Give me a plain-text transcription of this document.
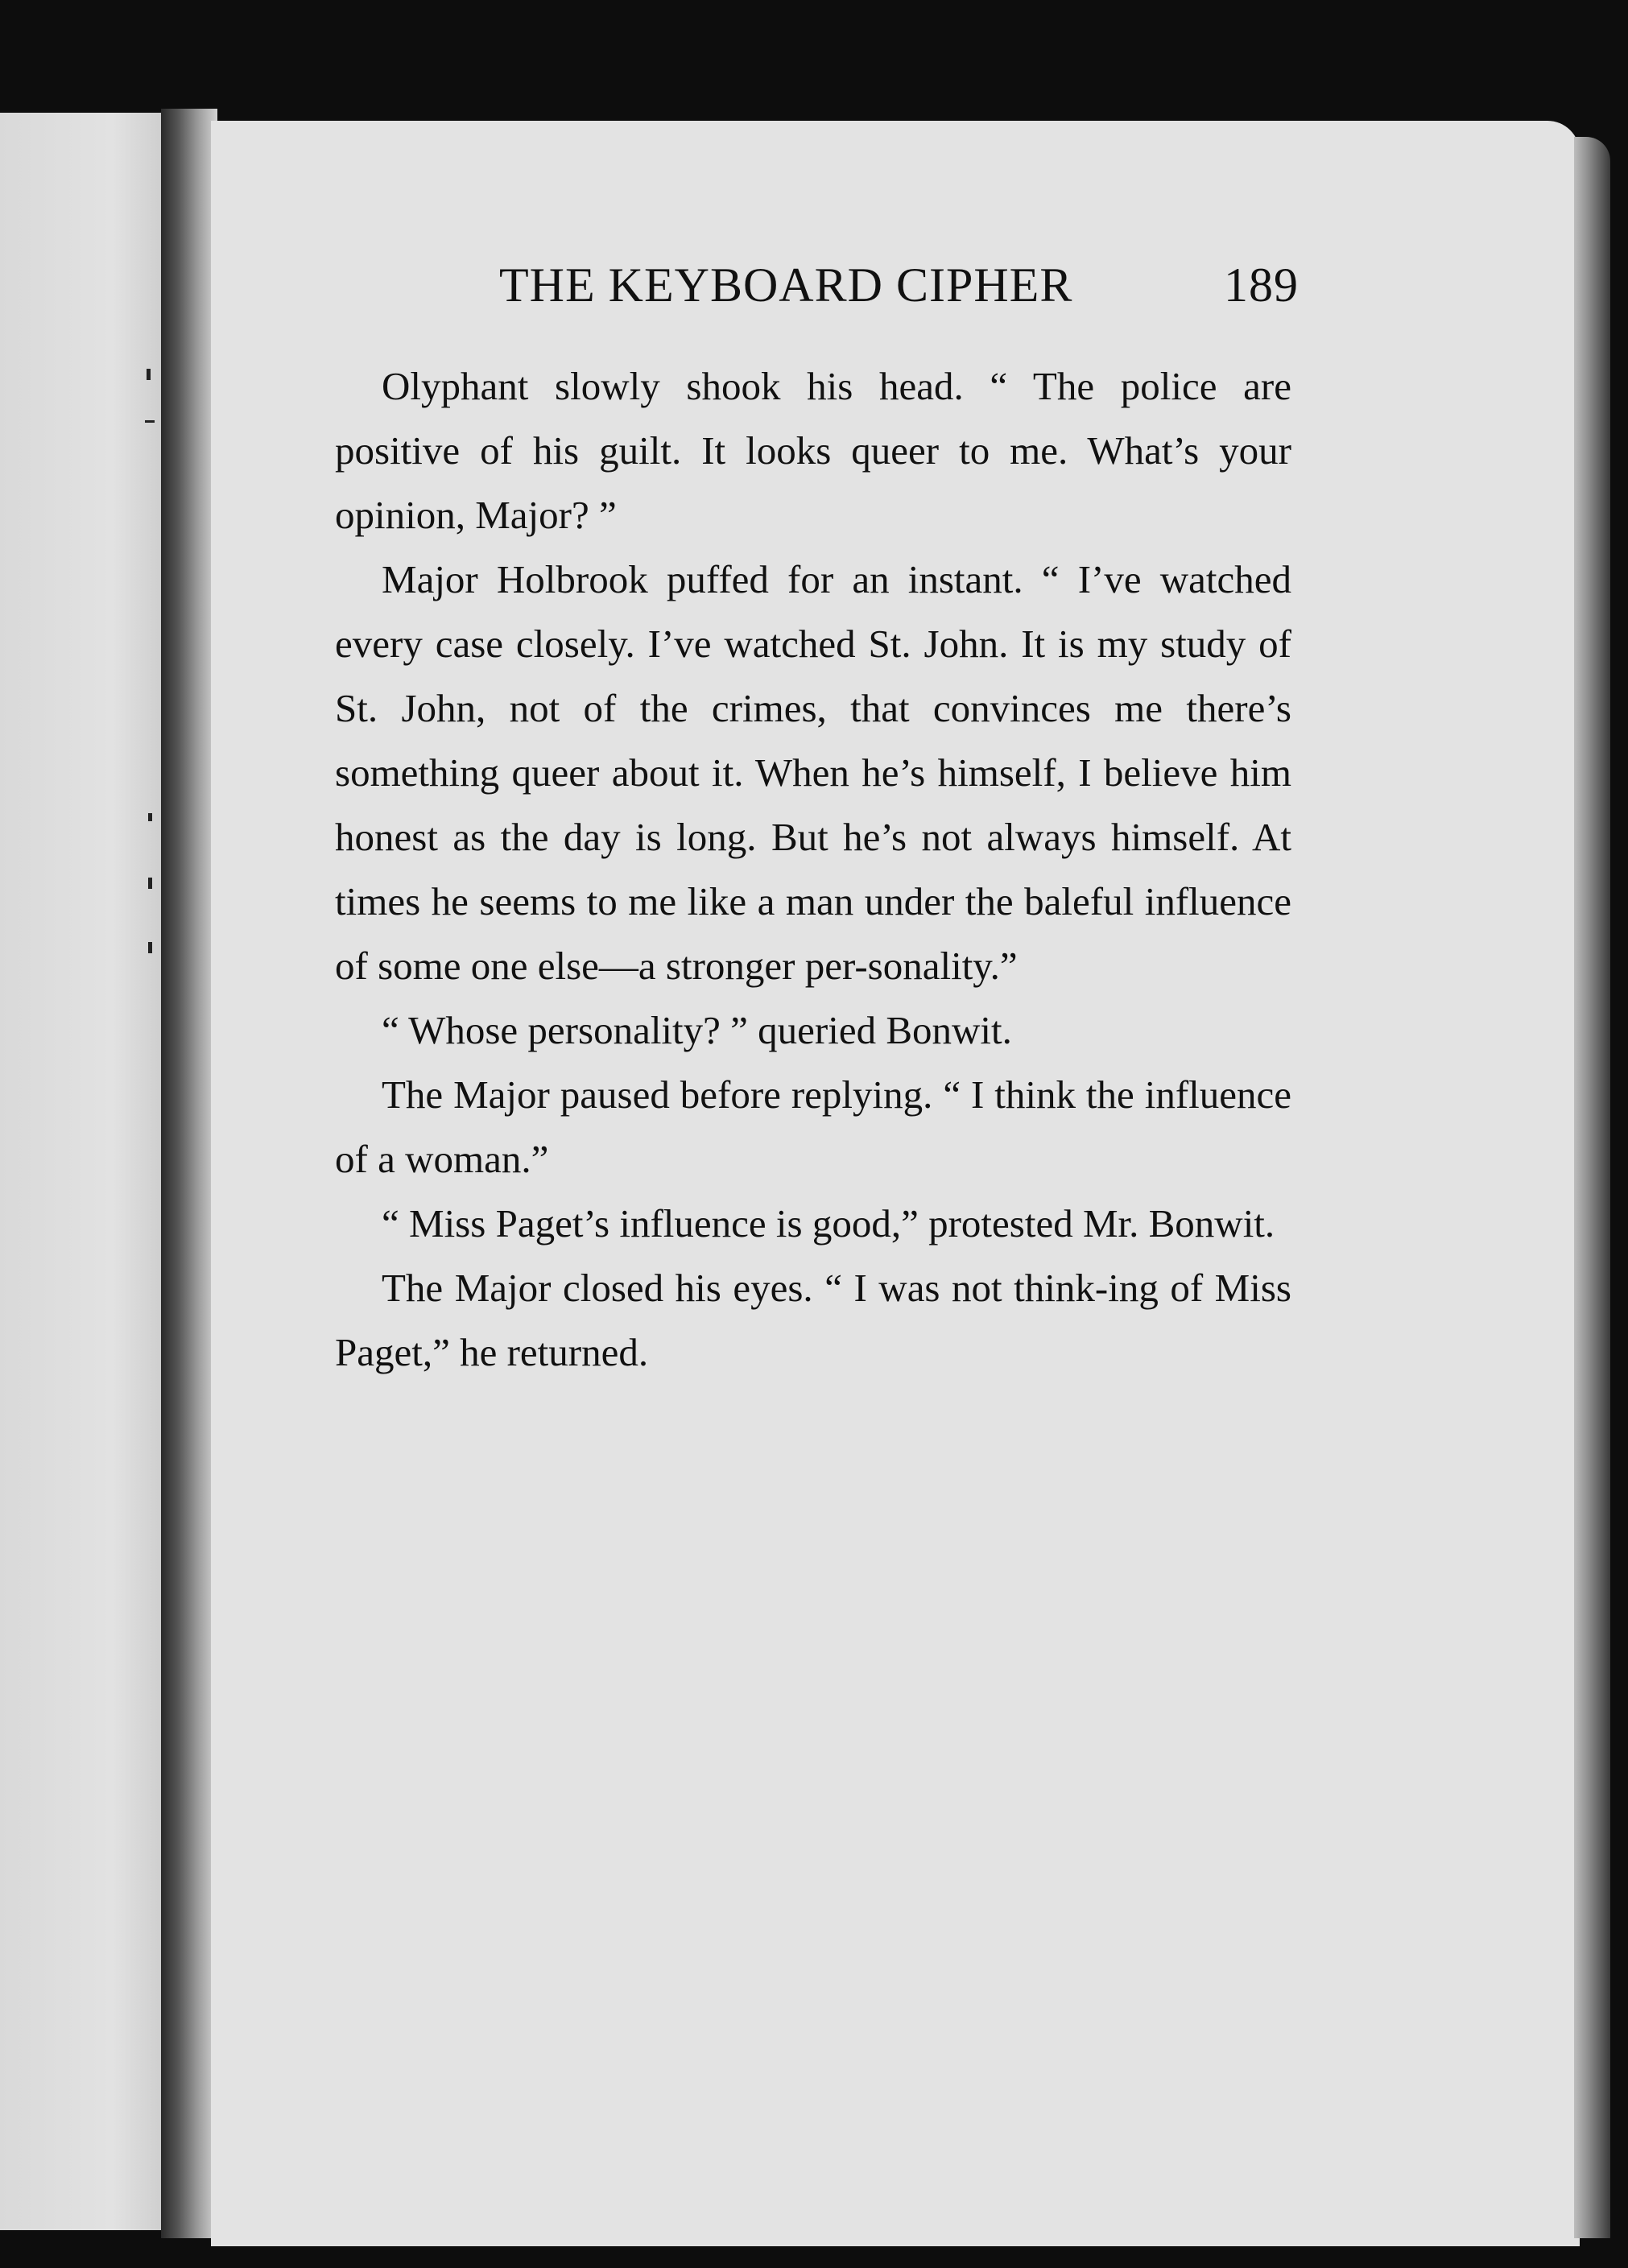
THE KEYBOARD CIPHER	189

Olyphant slowly shook his head. “ The police are positive of his guilt. It looks queer to me. What’s your opinion, Major? ”

Major Holbrook puffed for an instant. “ I’ve watched every case closely. I’ve watched St. John. It is my study of St. John, not of the crimes, that convinces me there’s something queer about it. When he’s himself, I believe him honest as the day is long. But he’s not always himself. At times he seems to me like a man under the baleful influence of some one else—a stronger per-sonality.”

“ Whose personality? ” queried Bonwit.

The Major paused before replying. “ I think the influence of a woman.”

“ Miss Paget’s influence is good,” protested Mr. Bonwit.

The Major closed his eyes. “ I was not think-ing of Miss Paget,” he returned.
